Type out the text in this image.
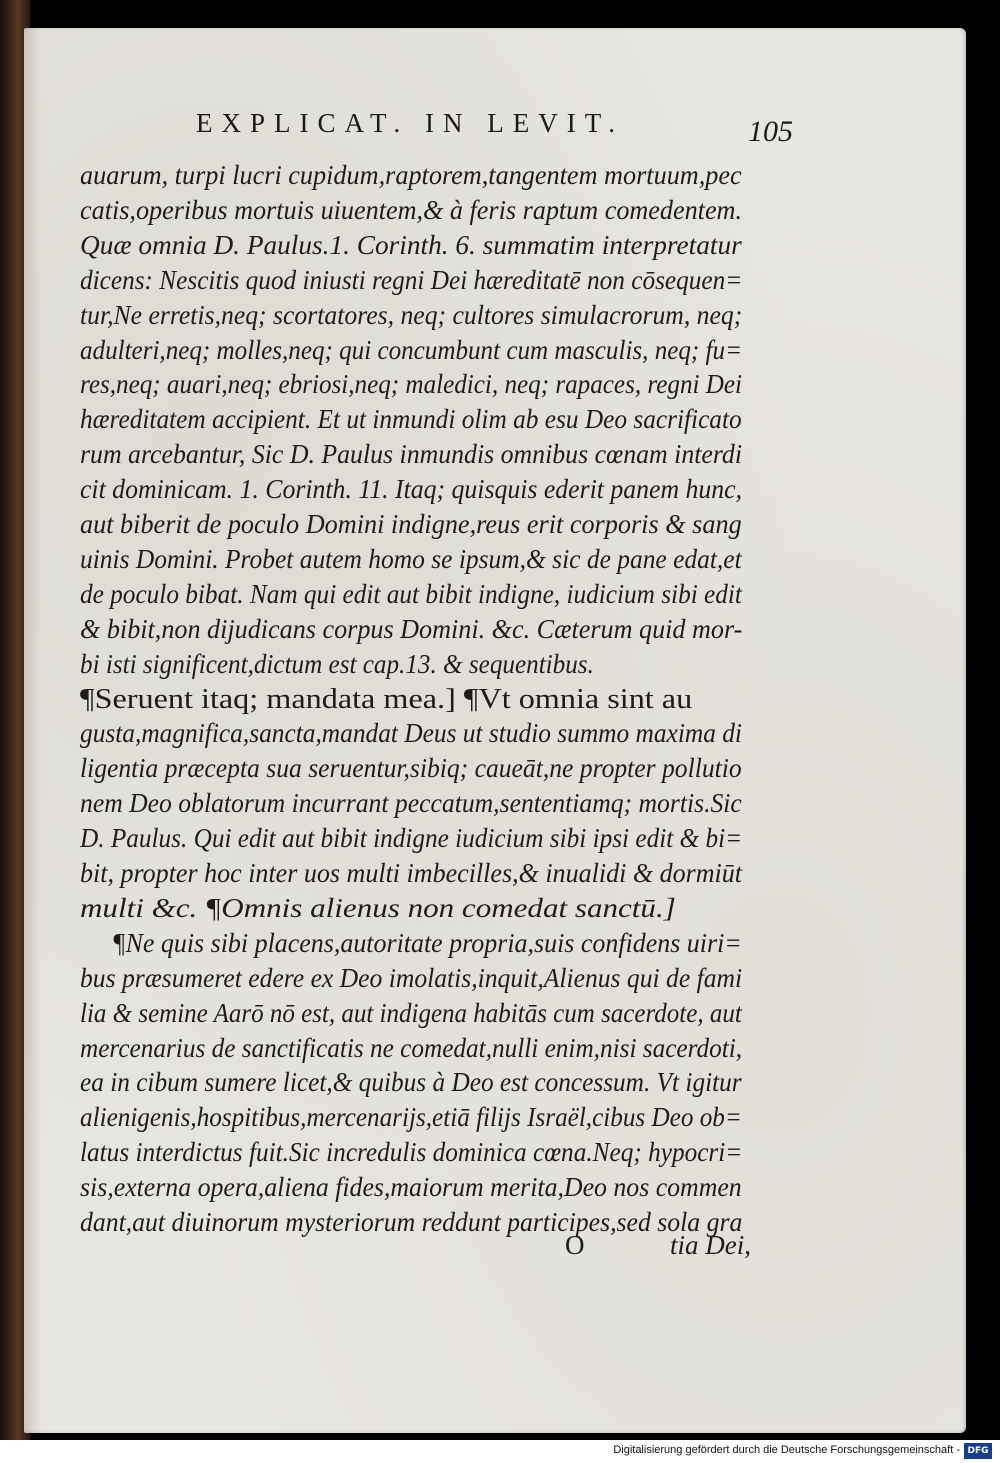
EXPLICAT. IN LEVIT.	105
auarum, turpi lucri cupidum,raptorem,tangentem mortuum,pec
catis,operibus mortuis uiuentem,& à feris raptum comedentem.
Quæ omnia D. Paulus.1. Corinth. 6. summatim interpretatur
dicens: Nescitis quod iniusti regni Dei hæreditatē non cōsequen=
tur,Ne erretis,neq; scortatores, neq; cultores simulacrorum, neq;
adulteri,neq; molles,neq; qui concumbunt cum masculis, neq; fu=
res,neq; auari,neq; ebriosi,neq; maledici, neq; rapaces, regni Dei
hæreditatem accipient. Et ut inmundi olim ab esu Deo sacrificato
rum arcebantur, Sic D. Paulus inmundis omnibus cœnam interdi
cit dominicam. 1. Corinth. 11. Itaq; quisquis ederit panem hunc,
aut biberit de poculo Domini indigne,reus erit corporis & sang
uinis Domini. Probet autem homo se ipsum,& sic de pane edat,et
de poculo bibat. Nam qui edit aut bibit indigne, iudicium sibi edit
& bibit,non dijudicans corpus Domini. &c. Cæterum quid mor-
bi isti significent,dictum est cap.13. & sequentibus.
¶Seruent itaq; mandata mea.] ¶Vt omnia sint au
gusta,magnifica,sancta,mandat Deus ut studio summo maxima di
ligentia præcepta sua seruentur,sibiq; caueāt,ne propter pollutio
nem Deo oblatorum incurrant peccatum,sententiamq; mortis.Sic
D. Paulus. Qui edit aut bibit indigne iudicium sibi ipsi edit & bi=
bit, propter hoc inter uos multi imbecilles,& inualidi & dormiūt
multi &c. ¶Omnis alienus non comedat sanctū.]
¶Ne quis sibi placens,autoritate propria,suis confidens uiri=
bus præsumeret edere ex Deo imolatis,inquit,Alienus qui de fami
lia & semine Aarō nō est, aut indigena habitās cum sacerdote, aut
mercenarius de sanctificatis ne comedat,nulli enim,nisi sacerdoti,
ea in cibum sumere licet,& quibus à Deo est concessum. Vt igitur
alienigenis,hospitibus,mercenarijs,etiā filijs Israël,cibus Deo ob=
latus interdictus fuit.Sic incredulis dominica cœna.Neq; hypocri=
sis,externa opera,aliena fides,maiorum merita,Deo nos commen
dant,aut diuinorum mysteriorum reddunt participes,sed sola gra
O	tia Dei,
Digitalisierung gefördert durch die Deutsche Forschungsgemeinschaft - DFG
